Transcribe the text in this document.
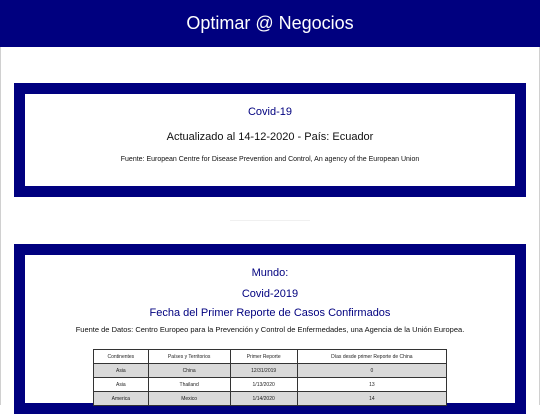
Optimar @ Negocios
Covid-19
Actualizado al 14-12-2020 - País: Ecuador
Fuente: European Centre for Disease Prevention and Control, An agency of the European Union
Mundo:
Covid-2019
Fecha del Primer Reporte de Casos Confirmados
Fuente de Datos: Centro Europeo para la Prevención y Control de Enfermedades, una Agencia de la Unión Europea.
Continentes	Países y Territorios	Primer Reporte	Días desde primer Reporte de China
Asia	China	12/31/2019	0
Asia	Thailand	1/13/2020	13
America	Mexico	1/14/2020	14
